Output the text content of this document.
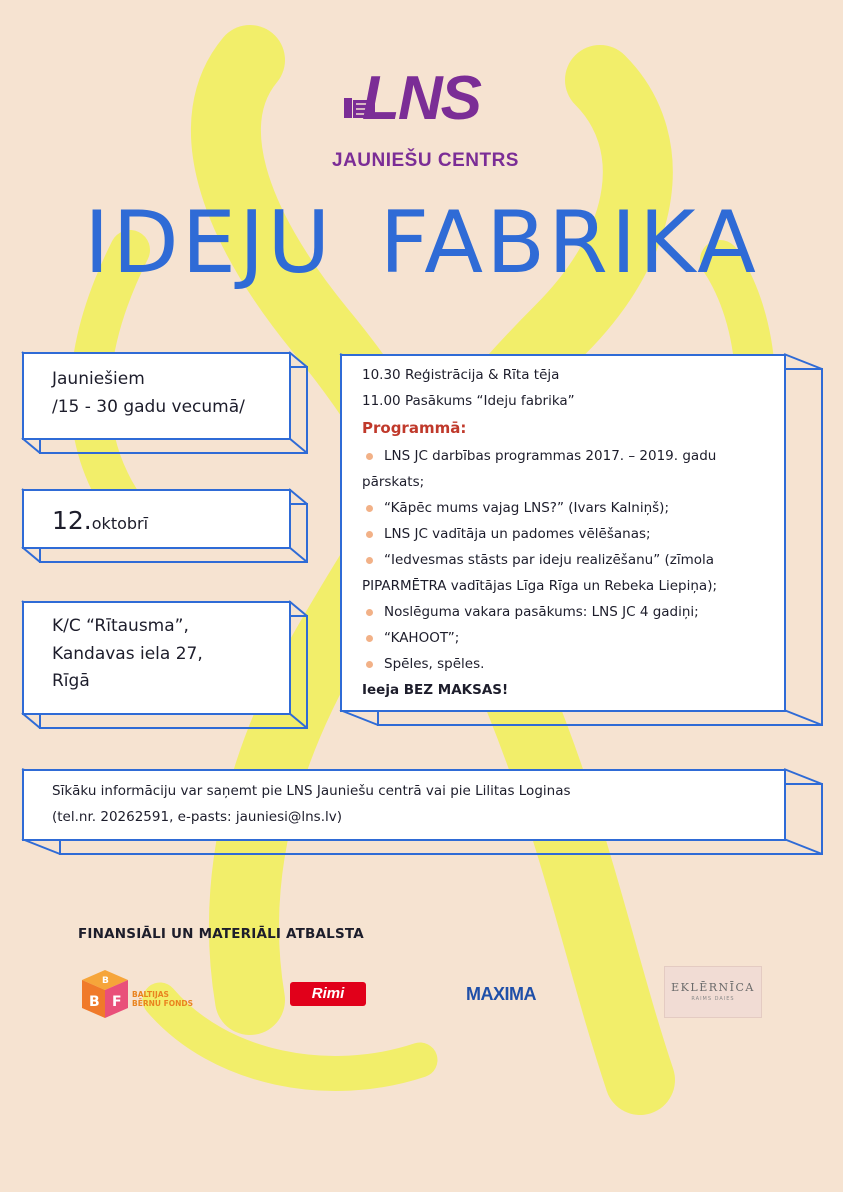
LNS
JAUNIEŠU CENTRS
IDEJU FABRIKA
Jauniešiem
/15 - 30 gadu vecumā/
12.oktobrī
K/C “Rītausma”,
Kandavas iela 27,
Rīgā
10.30 Reģistrācija & Rīta tēja
11.00 Pasākums “Ideju fabrika”
Programmā:
LNS JC darbības programmas 2017. – 2019. gadu
pārskats;
“Kāpēc mums vajag LNS?” (Ivars Kalniņš);
LNS JC vadītāja un padomes vēlēšanas;
“Iedvesmas stāsts par ideju realizēšanu” (zīmola
PIPARMĒTRA vadītājas Līga Rīga un Rebeka Liepiņa);
Noslēguma vakara pasākums: LNS JC 4 gadiņi;
“KAHOOT”;
Spēles, spēles.
Ieeja BEZ MAKSAS!
Sīkāku informāciju var saņemt pie LNS Jauniešu centrā vai pie Lilitas Loginas
(tel.nr. 20262591, e-pasts: jauniesi@lns.lv)
FINANSIĀLI UN MATERIĀLI ATBALSTA
B
B F BALTIJAS
BĒRNU FONDS
Rimi	MAXIMA	EKLĒRNĪCA
RAIMS DAIES
